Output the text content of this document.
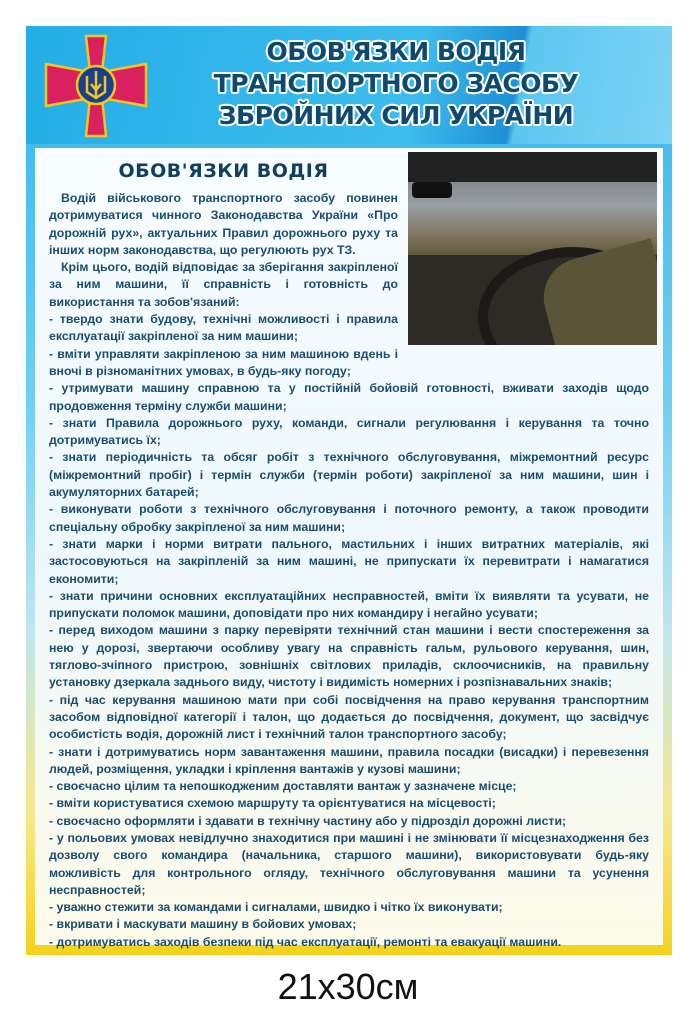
ОБОВ'ЯЗКИ ВОДІЯ
ТРАНСПОРТНОГО ЗАСОБУ
ЗБРОЙНИХ СИЛ УКРАЇНИ
ОБОВ'ЯЗКИ ВОДІЯ

Водій військового транспортного засобу повинен дотримуватися чинного Законодавства України «Про дорожній рух», актуальних Правил дорожнього руху та інших норм законодавства, що регулюють рух ТЗ.

Крім цього, водій відповідає за зберігання закріпленої за ним машини, її справність і готовність до використання та зобов'язаний:

- твердо знати будову, технічні можливості і правила експлуатації закріпленої за ним машини;

- вміти управляти закріпленою за ним машиною вдень і вночі в різноманітних умовах, в будь-яку погоду;

- утримувати машину справною та у постійній бойовій готовності, вживати заходів щодо продовження терміну служби машини;

- знати Правила дорожнього руху, команди, сигнали регулювання і керування та точно дотримуватись їх;

- знати періодичність та обсяг робіт з технічного обслуговування, міжремонтний ресурс (міжремонтний пробіг) і термін служби (термін роботи) закріпленої за ним машини, шин і акумуляторних батарей;

- виконувати роботи з технічного обслуговування і поточного ремонту, а також проводити спеціальну обробку закріпленої за ним машини;

- знати марки і норми витрати пального, мастильних і інших витратних матеріалів, які застосовуються на закріпленій за ним машині, не припускати їх перевитрати і намагатися економити;

- знати причини основних експлуатаційних несправностей, вміти їх виявляти та усувати, не припускати поломок машини, доповідати про них командиру і негайно усувати;

- перед виходом машини з парку перевіряти технічний стан машини і вести спостереження за нею у дорозі, звертаючи особливу увагу на справність гальм, рульового керування, шин, тяглово-зчіпного пристрою, зовнішніх світлових приладів, склоочисників, на правильну установку дзеркала заднього виду, чистоту і видимість номерних і розпізнавальних знаків;

- під час керування машиною мати при собі посвідчення на право керування транспортним засобом відповідної категорії і талон, що додається до посвідчення, документ, що засвідчує особистість водія, дорожній лист і технічний талон транспортного засобу;

- знати і дотримуватись норм завантаження машини, правила посадки (висадки) і перевезення людей, розміщення, укладки і кріплення вантажів у кузові машини;

- своєчасно цілим та непошкодженим доставляти вантаж у зазначене місце;

- вміти користуватися схемою маршруту та орієнтуватися на місцевості;

- своєчасно оформляти і здавати в технічну частину або у підрозділ дорожні листи;

- у польових умовах невідлучно знаходитися при машині і не змінювати її місцезнаходження без дозволу свого командира (начальника, старшого машини), використовувати будь-яку можливість для контрольного огляду, технічного обслуговування машини та усунення несправностей;

- уважно стежити за командами і сигналами, швидко і чітко їх виконувати;

- вкривати і маскувати машину в бойових умовах;

- дотримуватись заходів безпеки під час експлуатації, ремонті та евакуації машини.

21x30см
